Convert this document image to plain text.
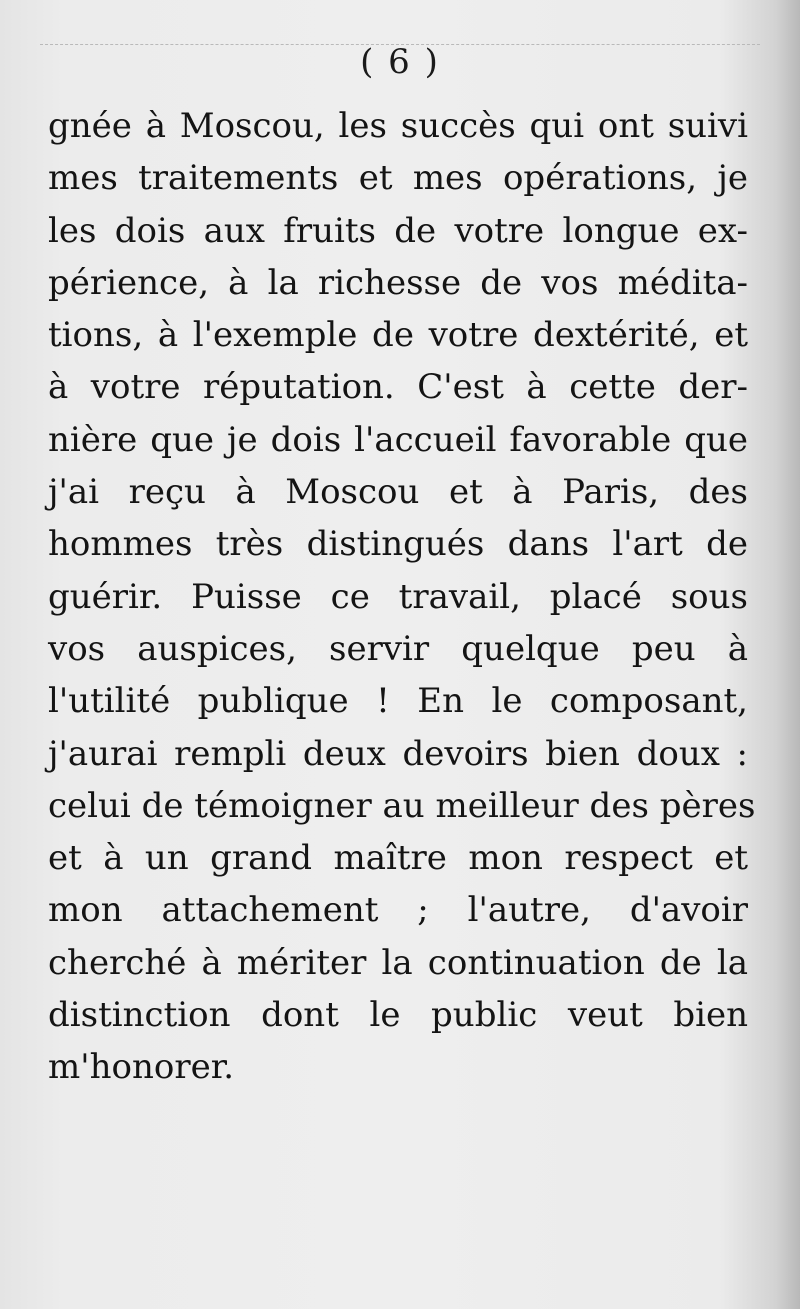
( 6 )
gnée à Moscou, les succès qui ont suivi
mes traitements et mes opérations, je
les dois aux fruits de votre longue ex-
périence, à la richesse de vos médita-
tions, à l'exemple de votre dextérité, et
à votre réputation. C'est à cette der-
nière que je dois l'accueil favorable que
j'ai reçu à Moscou et à Paris, des
hommes très distingués dans l'art de
guérir. Puisse ce travail, placé sous
vos auspices, servir quelque peu à
l'utilité publique ! En le composant,
j'aurai rempli deux devoirs bien doux :
celui de témoigner au meilleur des pères
et à un grand maître mon respect et
mon attachement ; l'autre, d'avoir
cherché à mériter la continuation de la
distinction dont le public veut bien
m'honorer.
